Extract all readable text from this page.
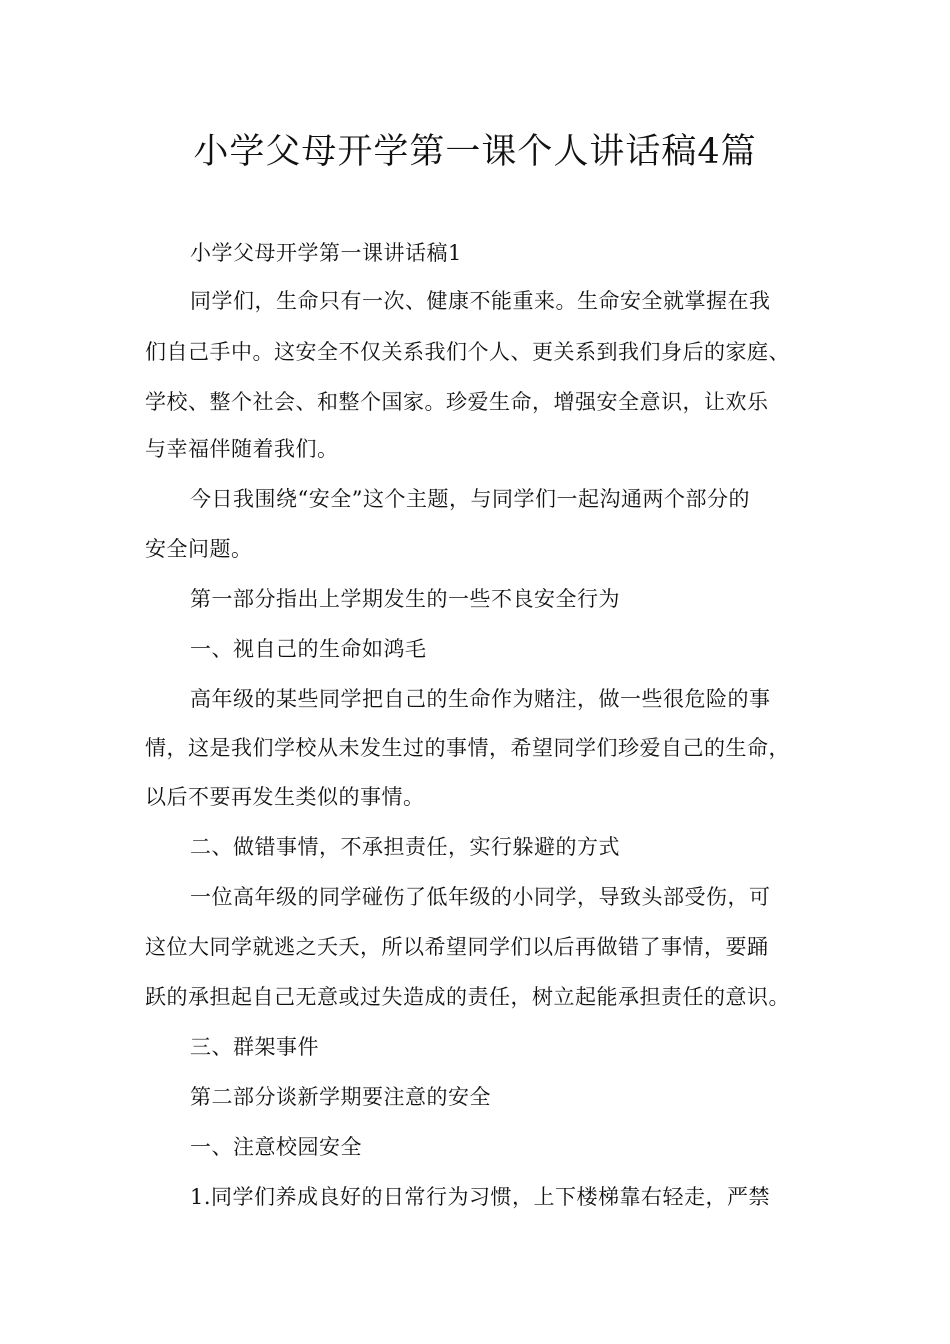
小学父母开学第一课个人讲话稿4篇
小学父母开学第一课讲话稿1
同学们，生命只有一次、健康不能重来。生命安全就掌握在我
们自己手中。这安全不仅关系我们个人、更关系到我们身后的家庭、
学校、整个社会、和整个国家。珍爱生命，增强安全意识，让欢乐
与幸福伴随着我们。
今日我围绕“安全”这个主题，与同学们一起沟通两个部分的
安全问题。
第一部分指出上学期发生的一些不良安全行为
一、视自己的生命如鸿毛
高年级的某些同学把自己的生命作为赌注，做一些很危险的事
情，这是我们学校从未发生过的事情，希望同学们珍爱自己的生命，
以后不要再发生类似的事情。
二、做错事情，不承担责任，实行躲避的方式
一位高年级的同学碰伤了低年级的小同学，导致头部受伤，可
这位大同学就逃之夭夭，所以希望同学们以后再做错了事情，要踊
跃的承担起自己无意或过失造成的责任，树立起能承担责任的意识。
三、群架事件
第二部分谈新学期要注意的安全
一、注意校园安全
1.同学们养成良好的日常行为习惯，上下楼梯靠右轻走，严禁
